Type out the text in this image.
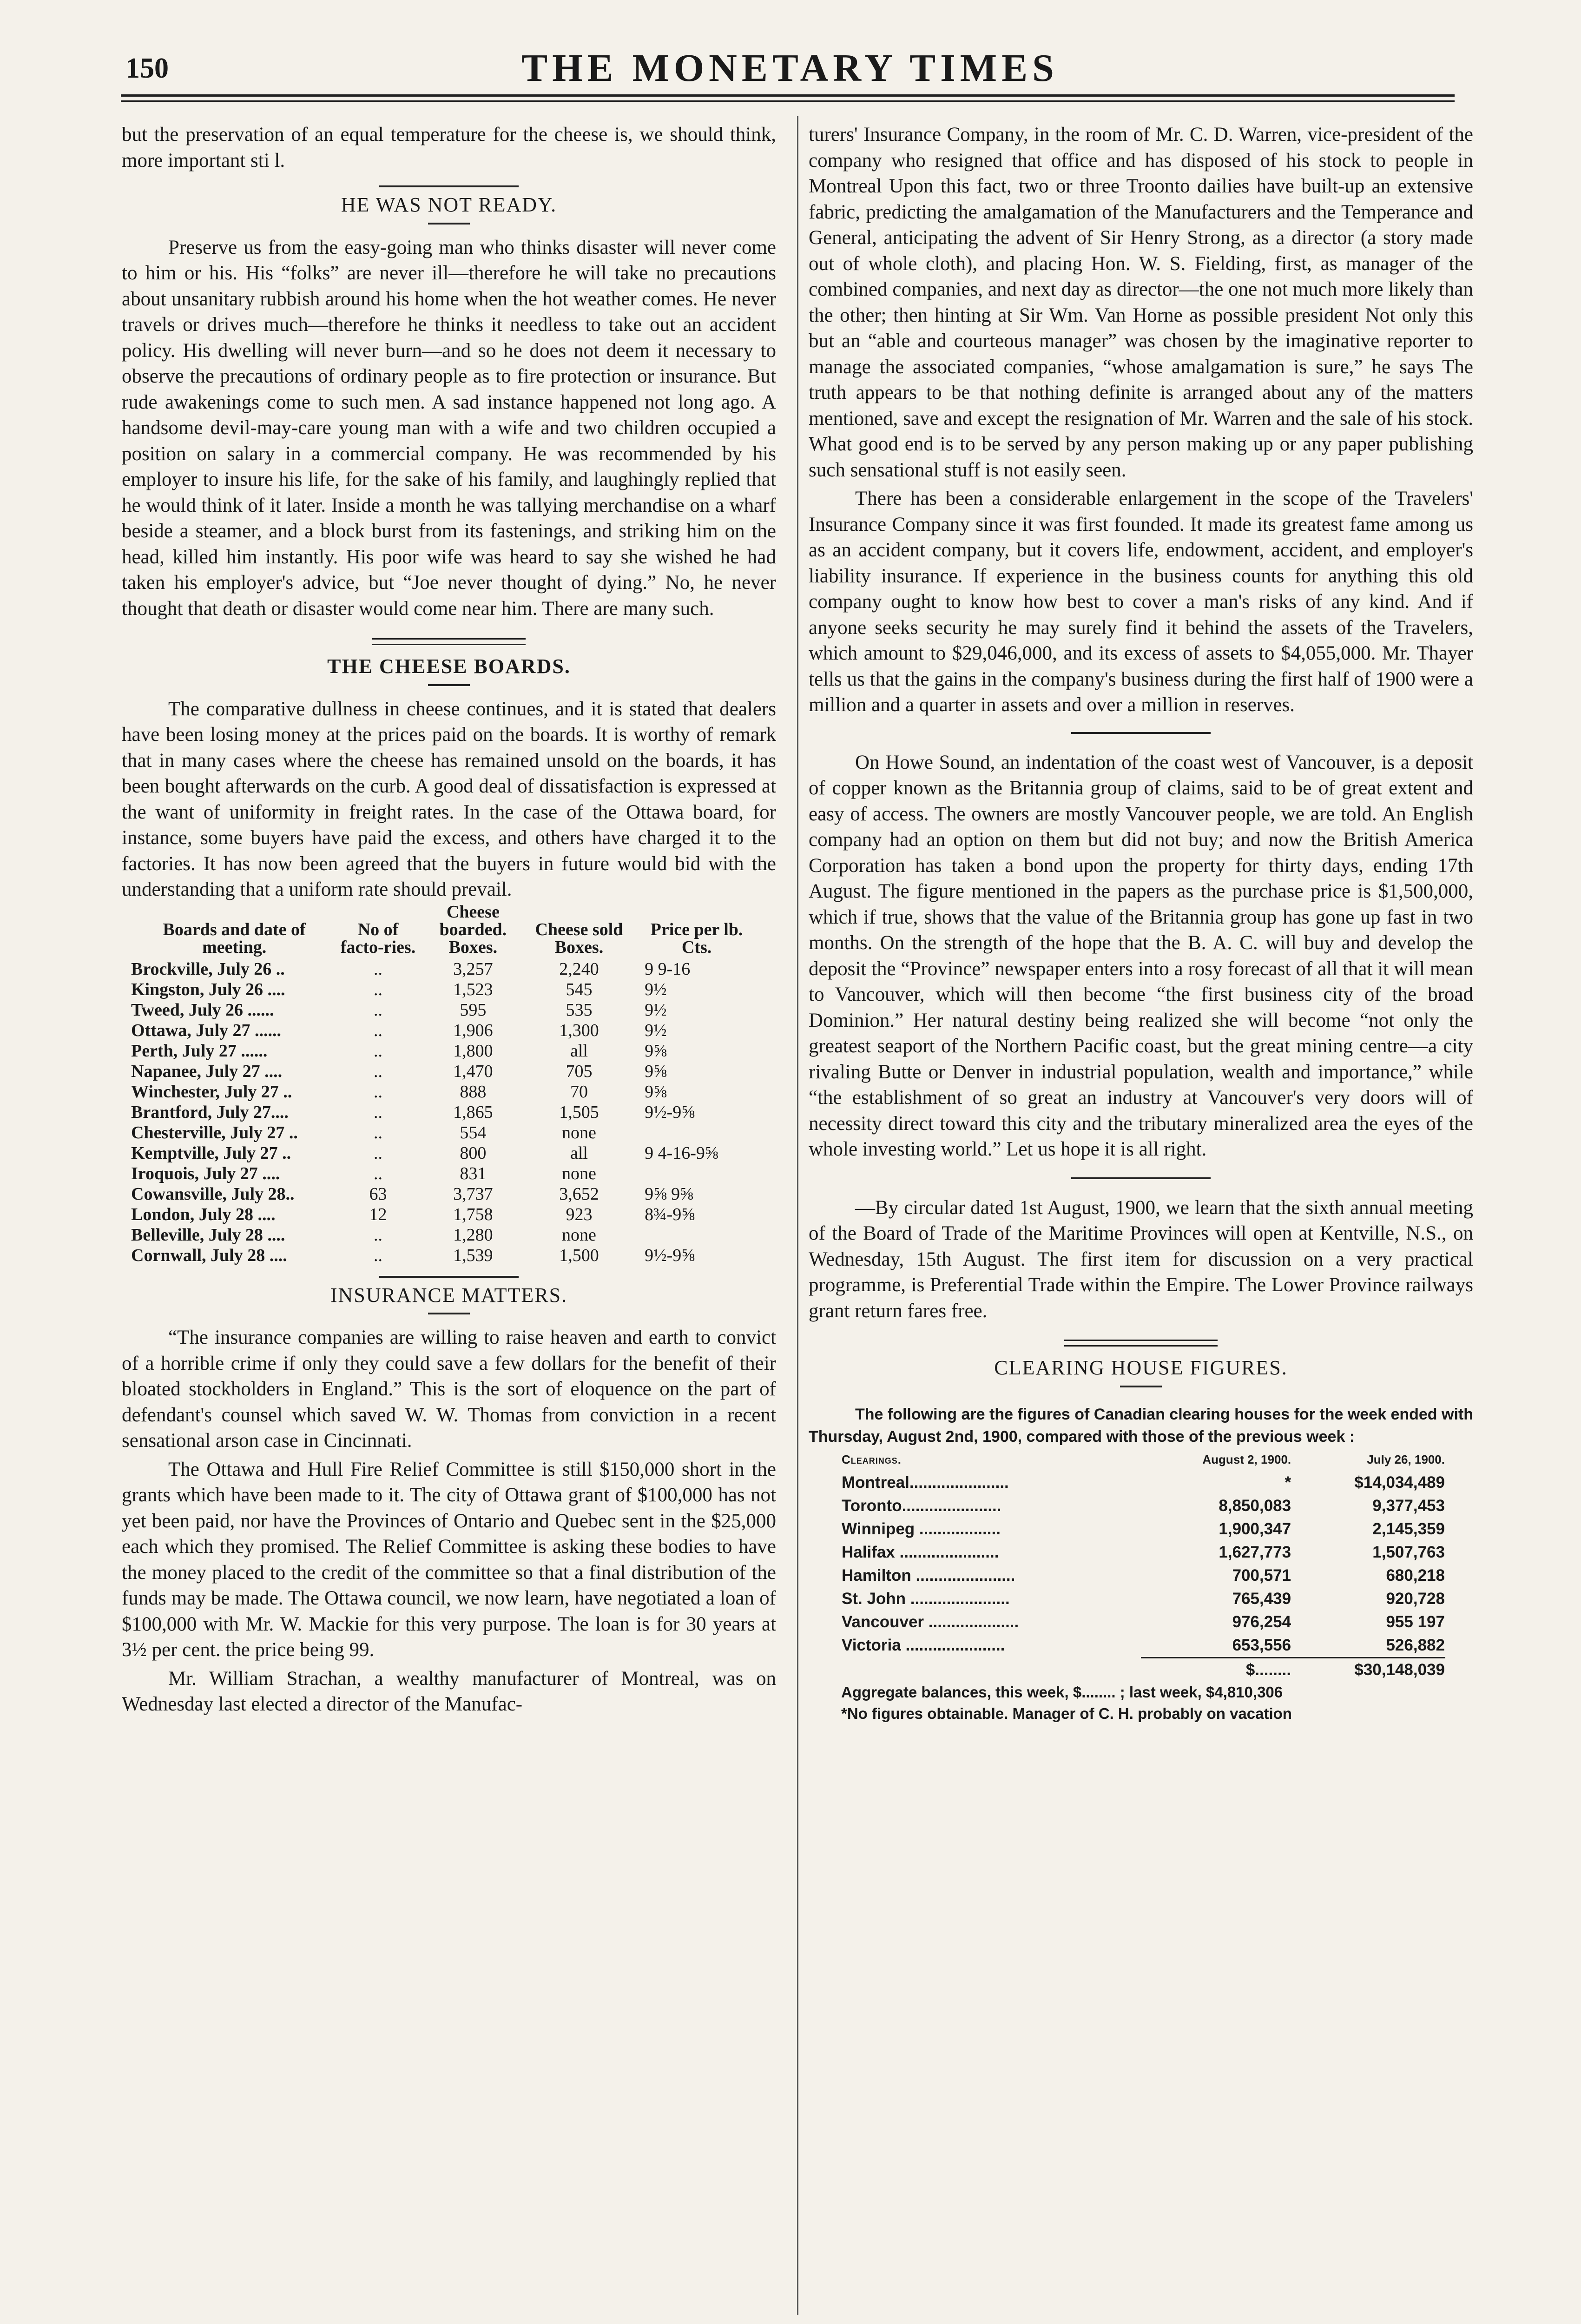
150	THE MONETARY TIMES

but the preservation of an equal temperature for the cheese is, we should think, more important sti l.

HE WAS NOT READY.

Preserve us from the easy-going man who thinks disaster will never come to him or his. His “folks” are never ill—therefore he will take no precautions about unsanitary rubbish around his home when the hot weather comes. He never travels or drives much—therefore he thinks it needless to take out an accident policy. His dwelling will never burn—and so he does not deem it necessary to observe the precautions of ordinary people as to fire protection or insurance. But rude awakenings come to such men. A sad instance happened not long ago. A handsome devil-may-care young man with a wife and two children occupied a position on salary in a commercial company. He was recommended by his employer to insure his life, for the sake of his family, and laughingly replied that he would think of it later. Inside a month he was tallying merchandise on a wharf beside a steamer, and a block burst from its fastenings, and striking him on the head, killed him instantly. His poor wife was heard to say she wished he had taken his employer's advice, but “Joe never thought of dying.” No, he never thought that death or disaster would come near him. There are many such.

THE CHEESE BOARDS.

The comparative dullness in cheese continues, and it is stated that dealers have been losing money at the prices paid on the boards. It is worthy of remark that in many cases where the cheese has remained unsold on the boards, it has been bought afterwards on the curb. A good deal of dissatisfaction is expressed at the want of uniformity in freight rates. In the case of the Ottawa board, for instance, some buyers have paid the excess, and others have charged it to the factories. It has now been agreed that the buyers in future would bid with the understanding that a uniform rate should prevail.

Boards and date of meeting.	No of facto-ries.	Cheese boarded. Boxes.	Cheese sold Boxes.	Price per lb. Cts.
Brockville, July 26 ..	..	3,257	2,240	9 9-16
Kingston, July 26 ....	..	1,523	545	9½
Tweed, July 26 ......	..	595	535	9½
Ottawa, July 27 ......	..	1,906	1,300	9½
Perth, July 27 ......	..	1,800	all	9⅝
Napanee, July 27 ....	..	1,470	705	9⅝
Winchester, July 27 ..	..	888	70	9⅝
Brantford, July 27....	..	1,865	1,505	9½-9⅝
Chesterville, July 27 ..	..	554	none	
Kemptville, July 27 ..	..	800	all	9 4-16-9⅝
Iroquois, July 27 ....	..	831	none	
Cowansville, July 28..	63	3,737	3,652	9⅝ 9⅝
London, July 28 ....	12	1,758	923	8¾-9⅝
Belleville, July 28 ....	..	1,280	none	
Cornwall, July 28 ....	..	1,539	1,500	9½-9⅝
INSURANCE MATTERS.

“The insurance companies are willing to raise heaven and earth to convict of a horrible crime if only they could save a few dollars for the benefit of their bloated stockholders in England.” This is the sort of eloquence on the part of defendant's counsel which saved W. W. Thomas from conviction in a recent sensational arson case in Cincinnati.

The Ottawa and Hull Fire Relief Committee is still $150,000 short in the grants which have been made to it. The city of Ottawa grant of $100,000 has not yet been paid, nor have the Provinces of Ontario and Quebec sent in the $25,000 each which they promised. The Relief Committee is asking these bodies to have the money placed to the credit of the committee so that a final distribution of the funds may be made. The Ottawa council, we now learn, have negotiated a loan of $100,000 with Mr. W. Mackie for this very purpose. The loan is for 30 years at 3½ per cent. the price being 99.

Mr. William Strachan, a wealthy manufacturer of Montreal, was on Wednesday last elected a director of the Manufac-

turers' Insurance Company, in the room of Mr. C. D. Warren, vice-president of the company who resigned that office and has disposed of his stock to people in Montreal Upon this fact, two or three Troonto dailies have built-up an extensive fabric, predicting the amalgamation of the Manufacturers and the Temperance and General, anticipating the advent of Sir Henry Strong, as a director (a story made out of whole cloth), and placing Hon. W. S. Fielding, first, as manager of the combined companies, and next day as director—the one not much more likely than the other; then hinting at Sir Wm. Van Horne as possible president Not only this but an “able and courteous manager” was chosen by the imaginative reporter to manage the associated companies, “whose amalgamation is sure,” he says The truth appears to be that nothing definite is arranged about any of the matters mentioned, save and except the resignation of Mr. Warren and the sale of his stock. What good end is to be served by any person making up or any paper publishing such sensational stuff is not easily seen.

There has been a considerable enlargement in the scope of the Travelers' Insurance Company since it was first founded. It made its greatest fame among us as an accident company, but it covers life, endowment, accident, and employer's liability insurance. If experience in the business counts for anything this old company ought to know how best to cover a man's risks of any kind. And if anyone seeks security he may surely find it behind the assets of the Travelers, which amount to $29,046,000, and its excess of assets to $4,055,000. Mr. Thayer tells us that the gains in the company's business during the first half of 1900 were a million and a quarter in assets and over a million in reserves.

On Howe Sound, an indentation of the coast west of Vancouver, is a deposit of copper known as the Britannia group of claims, said to be of great extent and easy of access. The owners are mostly Vancouver people, we are told. An English company had an option on them but did not buy; and now the British America Corporation has taken a bond upon the property for thirty days, ending 17th August. The figure mentioned in the papers as the purchase price is $1,500,000, which if true, shows that the value of the Britannia group has gone up fast in two months. On the strength of the hope that the B. A. C. will buy and develop the deposit the “Province” newspaper enters into a rosy forecast of all that it will mean to Vancouver, which will then become “the first business city of the broad Dominion.” Her natural destiny being realized she will become “not only the greatest seaport of the Northern Pacific coast, but the great mining centre—a city rivaling Butte or Denver in industrial population, wealth and importance,” while “the establishment of so great an industry at Vancouver's very doors will of necessity direct toward this city and the tributary mineralized area the eyes of the whole investing world.” Let us hope it is all right.

—By circular dated 1st August, 1900, we learn that the sixth annual meeting of the Board of Trade of the Maritime Provinces will open at Kentville, N.S., on Wednesday, 15th August. The first item for discussion on a very practical programme, is Preferential Trade within the Empire. The Lower Province railways grant return fares free.

CLEARING HOUSE FIGURES.

The following are the figures of Canadian clearing houses for the week ended with Thursday, August 2nd, 1900, compared with those of the previous week :

Clearings.	August 2, 1900.	July 26, 1900.
Montreal......................	*	$14,034,489
Toronto......................	8,850,083	9,377,453
Winnipeg ..................	1,900,347	2,145,359
Halifax ......................	1,627,773	1,507,763
Hamilton ......................	700,571	680,218
St. John ......................	765,439	920,728
Vancouver ....................	976,254	955 197
Victoria ......................	653,556	526,882
	$........	$30,148,039
Aggregate balances, this week, $........ ; last week, $4,810,306
*No figures obtainable. Manager of C. H. probably on vacation
